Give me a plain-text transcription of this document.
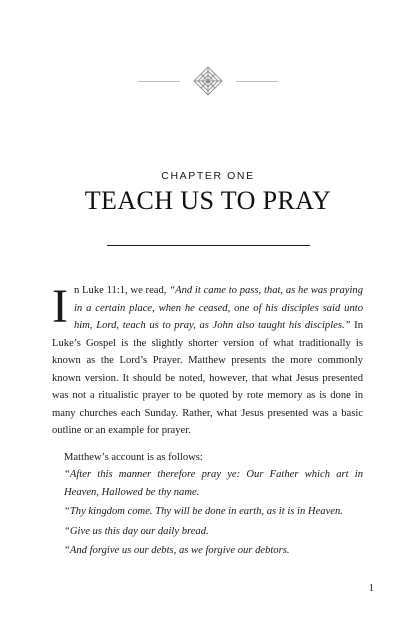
CHAPTER ONE
TEACH US TO PRAY

In Luke 11:1, we read, “And it came to pass, that, as he was praying in a certain place, when he ceased, one of his disciples said unto him, Lord, teach us to pray, as John also taught his disciples.” In Luke’s Gospel is the slightly shorter version of what traditionally is known as the Lord’s Prayer. Matthew presents the more commonly known version. It should be noted, however, that what Jesus presented was not a ritualistic prayer to be quoted by rote memory as is done in many churches each Sunday. Rather, what Jesus presented was a basic outline or an example for prayer.

Matthew’s account is as follows:

“After this manner therefore pray ye: Our Father which art in Heaven, Hallowed be thy name.

“Thy kingdom come. Thy will be done in earth, as it is in Heaven.

“Give us this day our daily bread.

“And forgive us our debts, as we forgive our debtors.

1
